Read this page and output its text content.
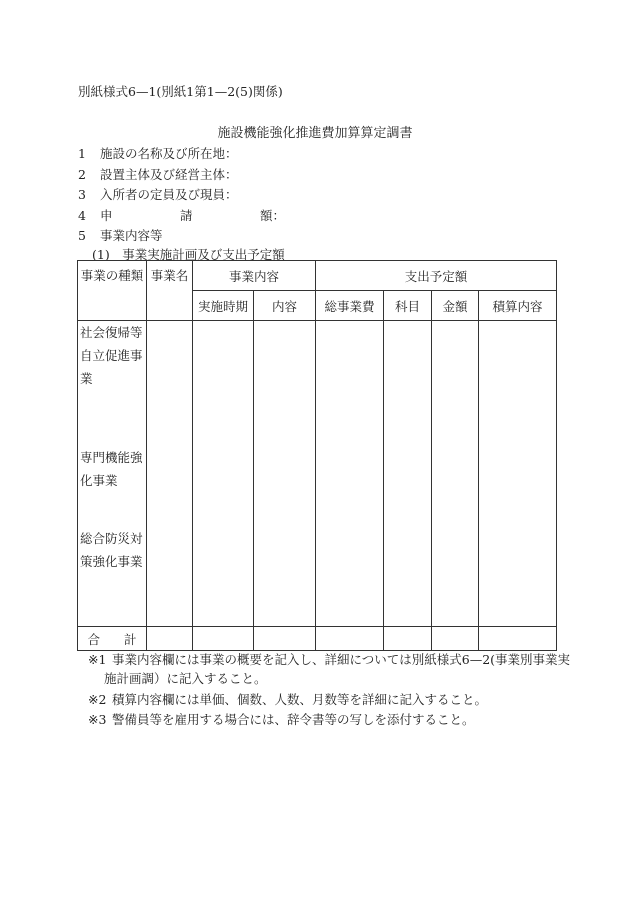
別紙様式6—1(別紙1第1—2(5)関係)
施設機能強化推進費加算算定調書
1 施設の名称及び所在地：
2 設置主体及び経営主体：
3 入所者の定員及び現員：
4 申	請	額：
5 事業内容等
(1)　事業実施計画及び支出予定額
事業の種類	事業名	事業内容		支出予定額			
		実施時期	内容	総事業費	科目	金額	積算内容

社会復帰等自立促進事業
専門機能強化事業
総合防災対策強化事業							

合 計							
※1 事業内容欄には事業の概要を記入し、詳細については別紙様式6—2(事業別事業実
施計画調）に記入すること。
※2 積算内容欄には単価、個数、人数、月数等を詳細に記入すること。
※3 警備員等を雇用する場合には、辞令書等の写しを添付すること。
